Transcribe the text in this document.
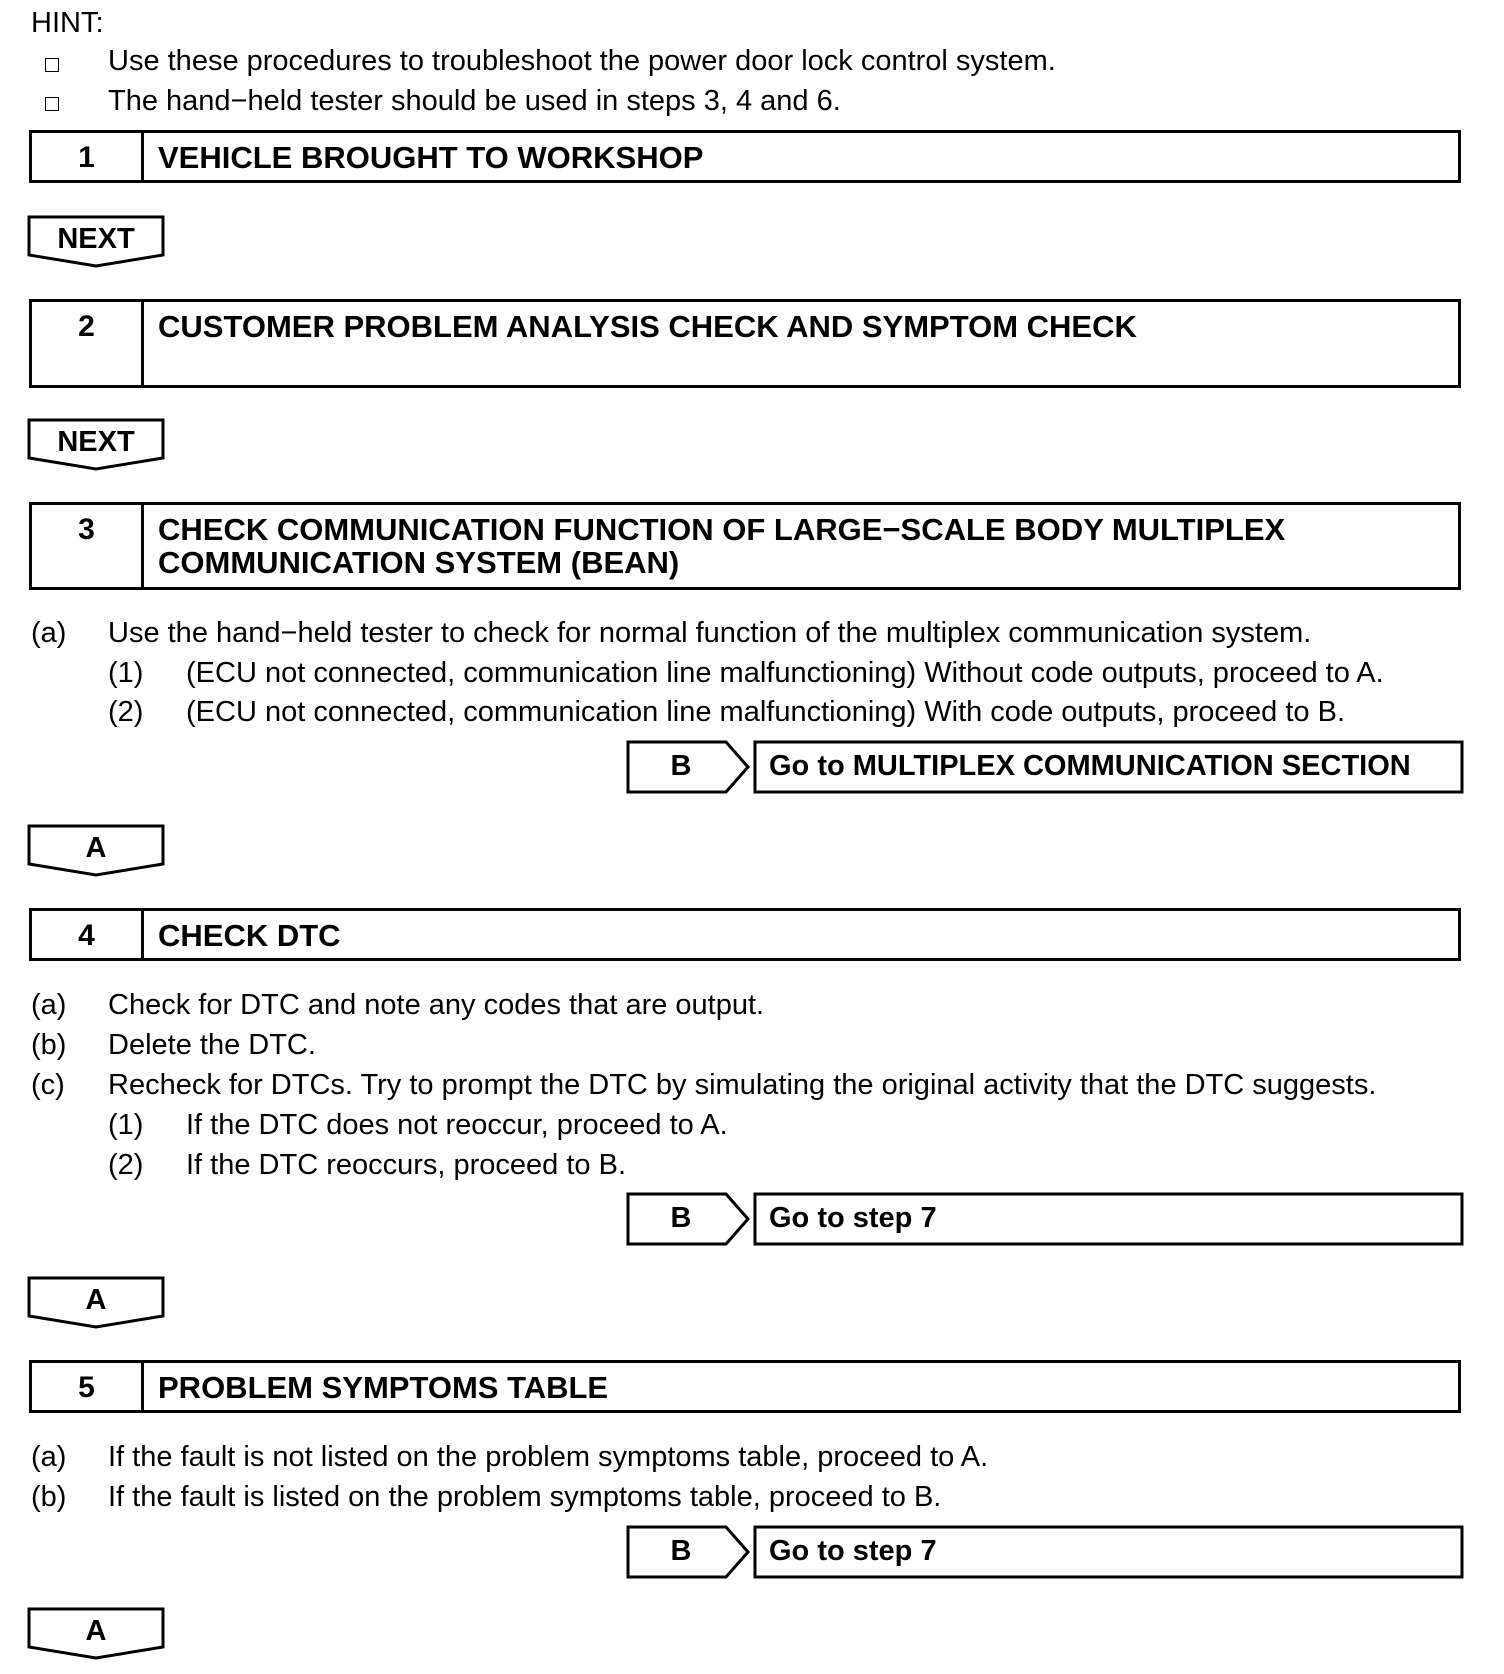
HINT:
Use these procedures to troubleshoot the power door lock control system.
The hand−held tester should be used in steps 3, 4 and 6.
1	VEHICLE BROUGHT TO WORKSHOP
NEXT
2	CUSTOMER PROBLEM ANALYSIS CHECK AND SYMPTOM CHECK
NEXT
3	CHECK COMMUNICATION FUNCTION OF LARGE−SCALE BODY MULTIPLEX
COMMUNICATION SYSTEM (BEAN)
(a) Use the hand−held tester to check for normal function of the multiplex communication system.
(1) (ECU not connected, communication line malfunctioning) Without code outputs, proceed to A.
(2) (ECU not connected, communication line malfunctioning) With code outputs, proceed to B.
B	Go to MULTIPLEX COMMUNICATION SECTION
A
4	CHECK DTC
(a) Check for DTC and note any codes that are output.
(b) Delete the DTC.
(c) Recheck for DTCs. Try to prompt the DTC by simulating the original activity that the DTC suggests.
(1) If the DTC does not reoccur, proceed to A.
(2) If the DTC reoccurs, proceed to B.
B	Go to step 7
A
5	PROBLEM SYMPTOMS TABLE
(a) If the fault is not listed on the problem symptoms table, proceed to A.
(b) If the fault is listed on the problem symptoms table, proceed to B.
B	Go to step 7
A
